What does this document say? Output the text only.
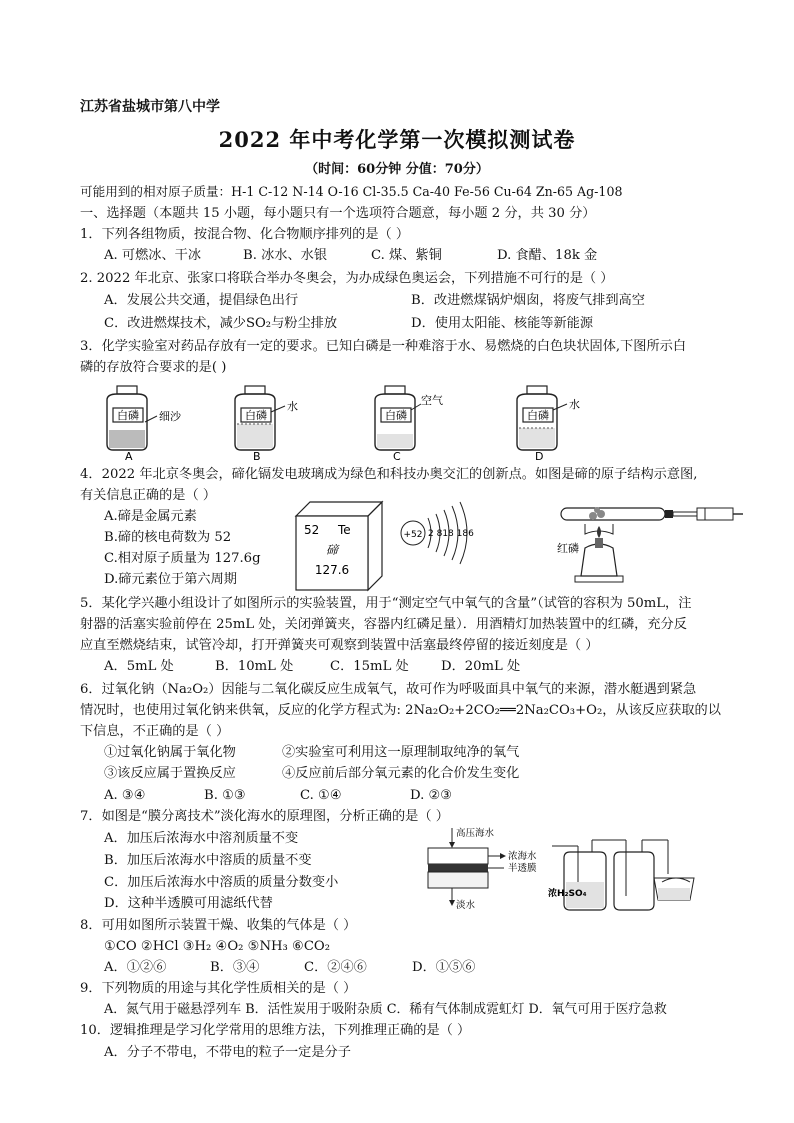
江苏省盐城市第八中学
2022 年中考化学第一次模拟测试卷
（时间：60分钟 分值：70分）
可能用到的相对原子质量：H-1 C-12 N-14 O-16 Cl-35.5 Ca-40 Fe-56 Cu-64 Zn-65 Ag-108
一、选择题（本题共 15 小题，每小题只有一个选项符合题意，每小题 2 分，共 30 分）
1．下列各组物质，按混合物、化合物顺序排列的是（ ）
A. 可燃冰、干冰	B. 冰水、水银	C. 煤、紫铜	D. 食醋、18k 金
2. 2022 年北京、张家口将联合举办冬奥会，为办成绿色奥运会，下列措施不可行的是（ ）
A．发展公共交通，提倡绿色出行	B．改进燃煤锅炉烟囱，将废气排到高空
C．改进燃煤技术，减少SO₂与粉尘排放	D．使用太阳能、核能等新能源
3．化学实验室对药品存放有一定的要求。已知白磷是一种难溶于水、易燃烧的白色块状固体,下图所示白
磷的存放符合要求的是( )
白磷 细沙
A
白磷
水
B
白磷
空气
C
白磷
水
D
4．2022 年北京冬奥会，碲化镉发电玻璃成为绿色和科技办奥交汇的创新点。如图是碲的原子结构示意图,
有关信息正确的是（ ）
A.碲是金属元素
B.碲的核电荷数为 52
C.相对原子质量为 127.6g
D.碲元素位于第六周期
52 Te
碲
127.6
+52 2 818 186
红磷
5．某化学兴趣小组设计了如图所示的实验装置，用于“测定空气中氧气的含量”（试管的容积为 50mL，注
射器的活塞实验前停在 25mL 处，关闭弹簧夹，容器内红磷足量）．用酒精灯加热装置中的红磷，充分反
应直至燃烧结束，试管冷却，打开弹簧夹可观察到装置中活塞最终停留的接近刻度是（ ）
A．5mL 处	B．10mL 处	C．15mL 处 D．20mL 处
6．过氧化钠（Na₂O₂）因能与二氧化碳反应生成氧气，故可作为呼吸面具中氧气的来源，潜水艇遇到紧急
情况时，也使用过氧化钠来供氧，反应的化学方程式为: 2Na₂O₂+2CO₂══2Na₂CO₃+O₂，从该反应获取的以
下信息，不正确的是（ ）
①过氧化钠属于氧化物	②实验室可利用这一原理制取纯净的氧气
③该反应属于置换反应	④反应前后部分氧元素的化合价发生变化
A. ③④	B. ①③	C. ①④	D. ②③
7．如图是“膜分离技术”淡化海水的原理图，分析正确的是（ ）
A．加压后浓海水中溶剂质量不变
B．加压后浓海水中溶质的质量不变
C．加压后浓海水中溶质的质量分数变小
D．这种半透膜可用滤纸代替
高压海水
浓海水
半透膜
淡水
浓H₂SO₄
8．可用如图所示装置干燥、收集的气体是（ ）
①CO ②HCl ③H₂ ④O₂ ⑤NH₃ ⑥CO₂
A．①②⑥	B．③④	C．②④⑥	D．①⑤⑥
9．下列物质的用途与其化学性质相关的是（ ）
A．氮气用于磁悬浮列车 B．活性炭用于吸附杂质 C．稀有气体制成霓虹灯 D．氧气可用于医疗急救
10．逻辑推理是学习化学常用的思维方法，下列推理正确的是（ ）
A．分子不带电，不带电的粒子一定是分子
